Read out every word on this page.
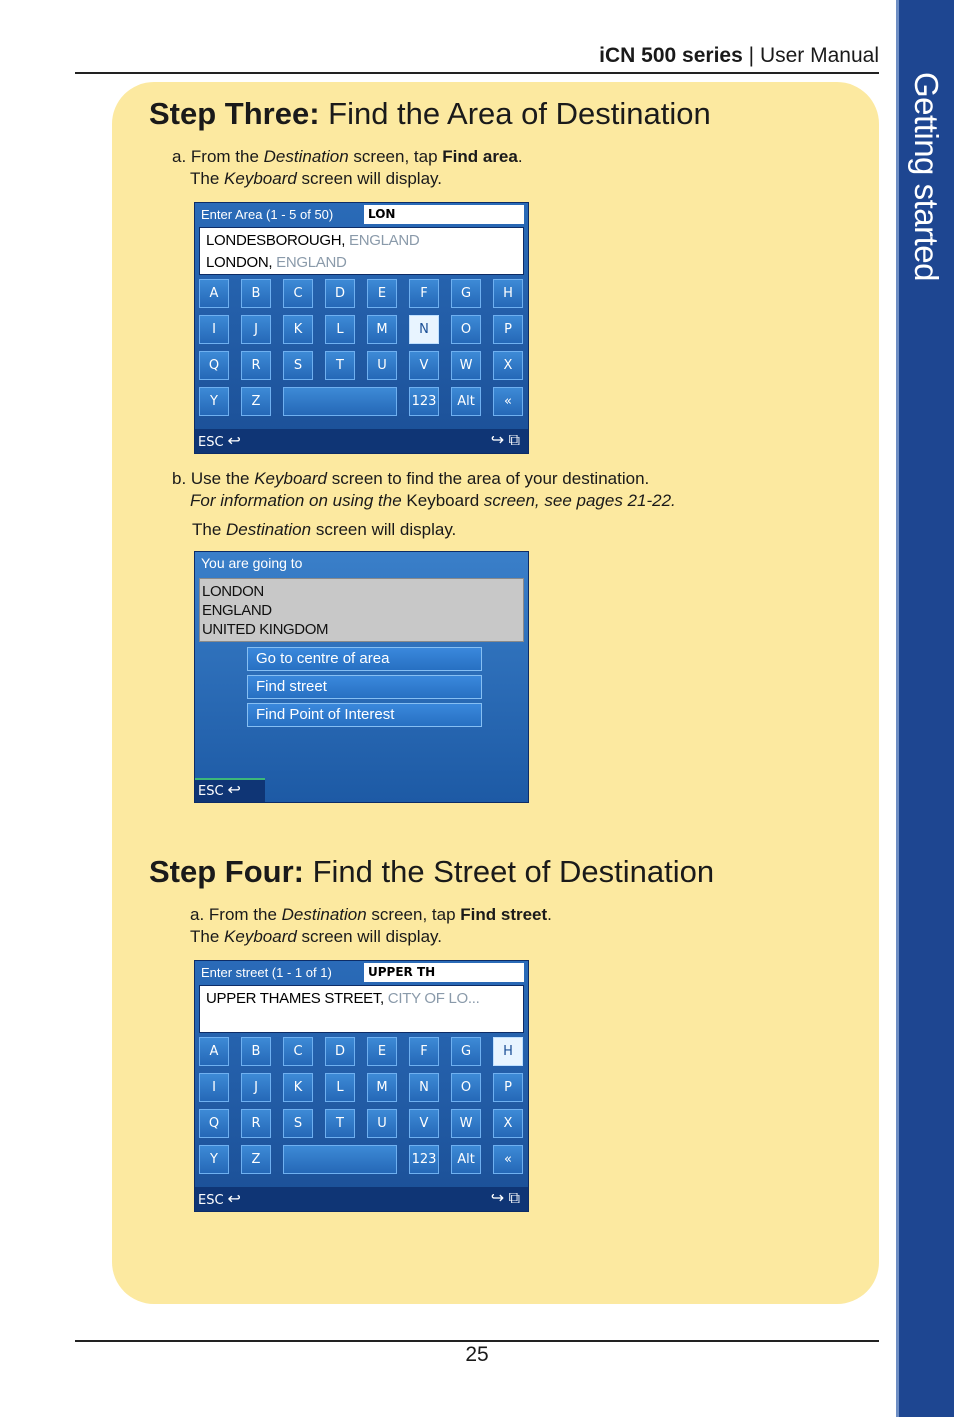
iCN 500 series | User Manual
Getting started
Step Three: Find the Area of Destination
a. From the Destination screen, tap Find area.
The Keyboard screen will display.
Enter Area (1 - 5 of 50)	LON
LONDESBOROUGH, ENGLAND
LONDON, ENGLAND
A	B	C	D	E	F	G	H
I	J	K	L	M	N	O	P
Q	R	S	T	U	V	W	X
Y	Z	123	Alt	«
ESC ↩	↪ ⧉
b. Use the Keyboard screen to find the area of your destination.
For information on using the Keyboard screen, see pages 21-22.
The Destination screen will display.
You are going to
LONDON
ENGLAND
UNITED KINGDOM
Go to centre of area
Find street
Find Point of Interest
ESC ↩
Step Four: Find the Street of Destination
a. From the Destination screen, tap Find street.
The Keyboard screen will display.
Enter street (1 - 1 of 1)	UPPER TH
UPPER THAMES STREET, CITY OF LO...
A	B	C	D	E	F	G	H
I	J	K	L	M	N	O	P
Q	R	S	T	U	V	W	X
Y	Z	123	Alt	«
ESC ↩	↪ ⧉
25
